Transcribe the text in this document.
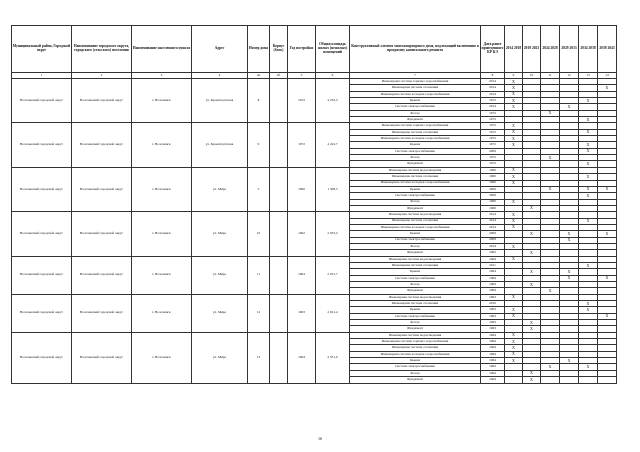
Муниципальный район, Городской округ	Наименование городского округа, городского (сельского) поселения	Наименование населенного пункта	Адрес	Номер дома	Корпус (блок)	Год постройки	Общая площадь жилых (нежилых) помещений	Конструктивный элемент многоквартирного дома, подлежащий включению в программу капитального ремонта	Дата ранее проведенного КР КЭ	2014 2018	2019 2023	2024 2028	2029 2033	2034 2038	2039 2043
1	2	3	4	4а	4б	5	6	7	8	9	10	11	12	13	14
Волочекский городской округ	Волочекский городской округ	г. Волочинск	ул. Кронштадтская	8		1972	4 232,5	Инженерная система горячего водоснабжения	2014	X					
								Инженерная система отопления	2014	X					X
								Инженерная система холодного водоснабжения	2014	X					
								Крыша	1972	X				X	
								Система электроснабжения	2014	X			X		
								Фасад	1972			X			
								Фундамент	1972					X	
Волочекский городской округ	Волочекский городской округ	г. Волочинск	ул. Кронштадтская	9		1972	4 222,7	Инженерная система горячего водоснабжения	1972	X					
								Инженерная система отопления	1972	X				X	
								Инженерная система холодного водоснабжения	1972	X					
								Крыша	1972	X				X	
								Система электроснабжения	2009					X	
								Фасад	1972			X			
								Фундамент	1972					X	
Волочекский городской округ	Волочекский городской округ	г. Волочинск	ул. Мира	5		1960	1 508,5	Инженерная система водоотведения	1960	X					
								Инженерная система отопления	1960	X				X	
								Инженерная система холодного водоснабжения	1960	X					
								Крыша	2006			X		X	X
								Система электроснабжения	2006					X	
								Фасад	1960	X					
								Фундамент	1960		X				
Волочекский городской округ	Волочекский городской округ	г. Волочинск	ул. Мира	10		1962	2 033,2	Инженерная система водоотведения	2014	X					
								Инженерная система отопления	2014	X				X	
								Инженерная система холодного водоснабжения	2014	X					
								Крыша	2009		X		X		X
								Система электроснабжения	2009				X		
								Фасад	2014	X					
								Фундамент	1962		X				
Волочекский городской округ	Волочекский городской округ	г. Волочинск	ул. Мира	11		1964	2 015,7	Инженерная система водоотведения	1964	X					
								Инженерная система отопления	2011					X	
								Крыша	1964		X		X		
								Система электроснабжения	1964				X		X
								Фасад	1964		X				
								Фундамент	1964			X			
Волочекский городской округ	Волочекский городской округ	г. Волочинск	ул. Мира	12		1963	2 021,4	Инженерная система водоотведения	1963	X					
								Инженерная система отопления	2010					X	
								Крыша	1963	X				X	
								Система электроснабжения	1963	X					X
								Фасад	1963		X				
								Фундамент	1963		X				
Волочекский городской округ	Волочекский городской округ	г. Волочинск	ул. Мира	13		1964	2 551,0	Инженерная система водоотведения	1964	X					
								Инженерная система горячего водоснабжения	1964	X					
								Инженерная система отопления	1964	X					
								Инженерная система холодного водоснабжения	1964	X					
								Крыша	1964	X			X		
								Система электроснабжения	1964			X		X	
								Фасад	1964		X				
								Фундамент	1964		X				
16
